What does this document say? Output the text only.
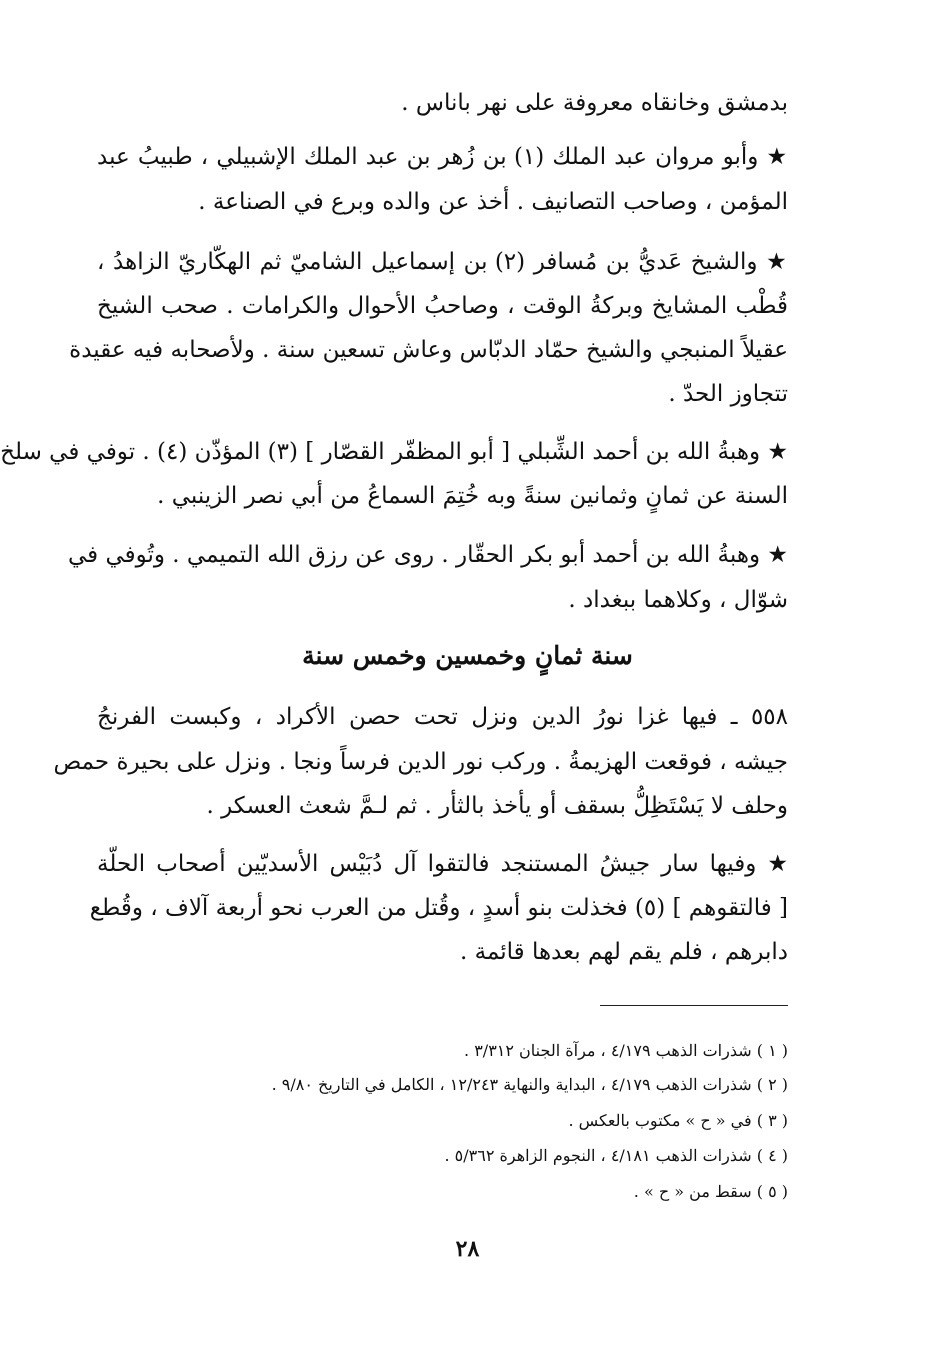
بدمشق وخانقاه معروفة على نهر باناس .
★ وأبو مروان عبد الملك (١) بن زُهر بن عبد الملك الإشبيلي ، طبيبُ عبد
المؤمن ، وصاحب التصانيف . أخذ عن والده وبرع في الصناعة .
★ والشيخ عَديُّ بن مُسافر (٢) بن إسماعيل الشاميّ ثم الهكّاريّ الزاهدُ ،
قُطْب المشايخ وبركةُ الوقت ، وصاحبُ الأحوال والكرامات . صحب الشيخ
عقيلاً المنبجي والشيخ حمّاد الدبّاس وعاش تسعين سنة . ولأصحابه فيه عقيدة
تتجاوز الحدّ .
★ وهبةُ الله بن أحمد الشِّبلي [ أبو المظفّر القصّار ] (٣) المؤذّن (٤) . توفي في سلخ
السنة عن ثمانٍ وثمانين سنةً وبه خُتِمَ السماعُ من أبي نصر الزينبي .
★ وهبةُ الله بن أحمد أبو بكر الحقّار . روى عن رزق الله التميمي . وتُوفي في
شوّال ، وكلاهما ببغداد .
سنة ثمانٍ وخمسين وخمس سنة
٥٥٨ ـ فيها غزا نورُ الدين ونزل تحت حصن الأكراد ، وكبست الفرنجُ
جيشه ، فوقعت الهزيمةُ . وركب نور الدين فرساً ونجا . ونزل على بحيرة حمص
وحلف لا يَسْتَظِلُّ بسقف أو يأخذ بالثأر . ثم لـمَّ شعث العسكر .
★ وفيها سار جيشُ المستنجد فالتقوا آل دُبَيْس الأسديّين أصحاب الحلّة
[ فالتقوهم ] (٥) فخذلت بنو أسدٍ ، وقُتل من العرب نحو أربعة آلاف ، وقُطع
دابرهم ، فلم يقم لهم بعدها قائمة .
( ١ ) شذرات الذهب ٤/١٧٩ ، مرآة الجنان ٣/٣١٢ .
( ٢ ) شذرات الذهب ٤/١٧٩ ، البداية والنهاية ١٢/٢٤٣ ، الكامل في التاريخ ٩/٨٠ .
( ٣ ) في « ح » مكتوب بالعكس .
( ٤ ) شذرات الذهب ٤/١٨١ ، النجوم الزاهرة ٥/٣٦٢ .
( ٥ ) سقط من « ح » .
٢٨
